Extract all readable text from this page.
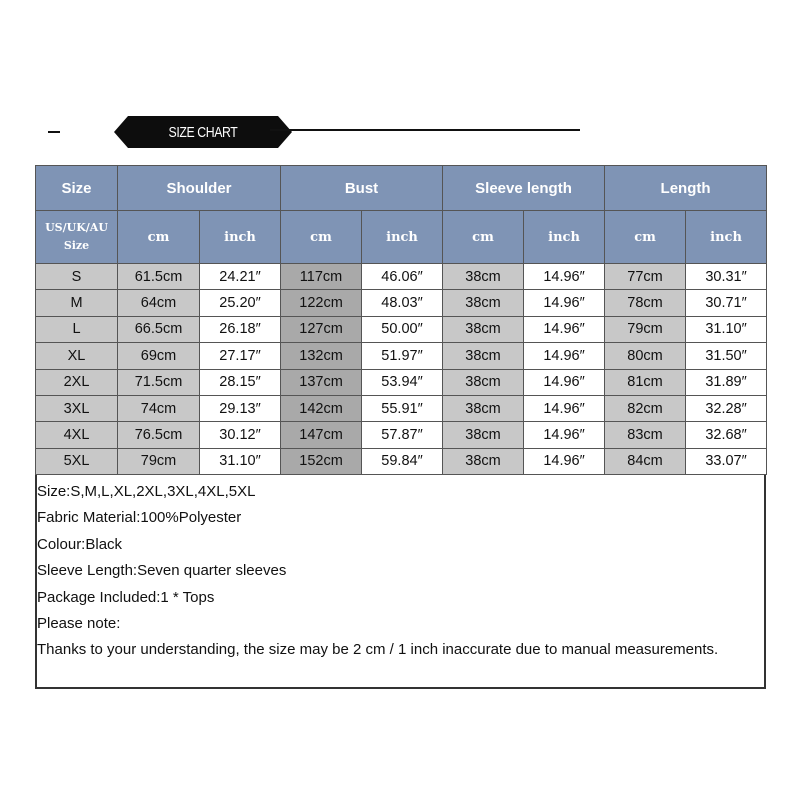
SIZE CHART
Size	Shoulder		Bust		Sleeve length		Length	

US/UK/AU
Size	cm	inch	cm	inch	cm	inch	cm	inch
S	61.5cm	24.21″	117cm	46.06″	38cm	14.96″	77cm	30.31″
M	64cm	25.20″	122cm	48.03″	38cm	14.96″	78cm	30.71″
L	66.5cm	26.18″	127cm	50.00″	38cm	14.96″	79cm	31.10″
XL	69cm	27.17″	132cm	51.97″	38cm	14.96″	80cm	31.50″
2XL	71.5cm	28.15″	137cm	53.94″	38cm	14.96″	81cm	31.89″
3XL	74cm	29.13″	142cm	55.91″	38cm	14.96″	82cm	32.28″
4XL	76.5cm	30.12″	147cm	57.87″	38cm	14.96″	83cm	32.68″
5XL	79cm	31.10″	152cm	59.84″	38cm	14.96″	84cm	33.07″
Size:S,M,L,XL,2XL,3XL,4XL,5XL
Fabric Material:100%Polyester
Colour:Black
Sleeve Length:Seven quarter sleeves
Package Included:1 * Tops
Please note:
Thanks to your understanding, the size may be 2 cm / 1 inch inaccurate due to manual measurements.
